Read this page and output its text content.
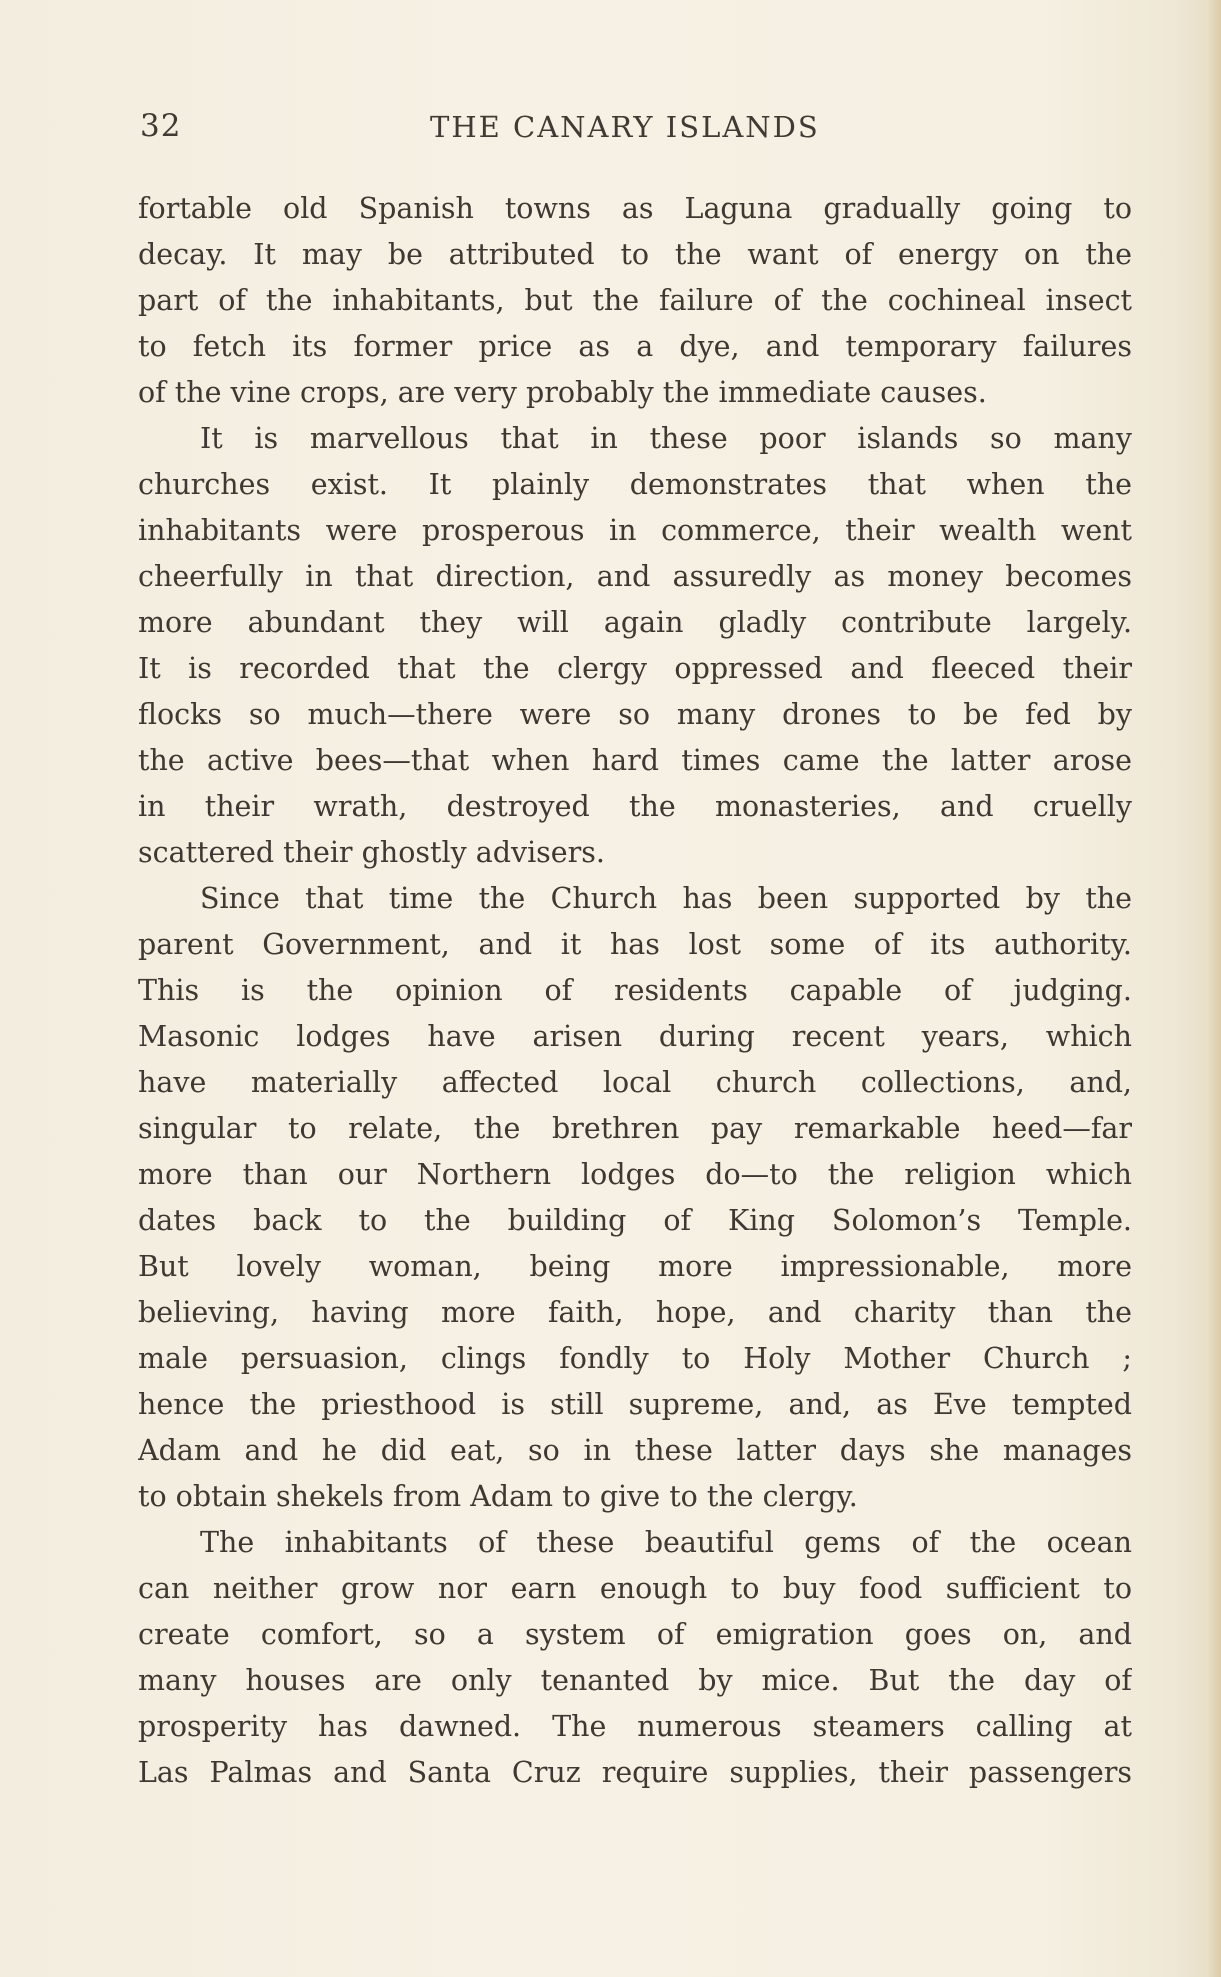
32	THE CANARY ISLANDS
fortable old Spanish towns as Laguna gradually going to
decay. It may be attributed to the want of energy on the
part of the inhabitants, but the failure of the cochineal insect
to fetch its former price as a dye, and temporary failures
of the vine crops, are very probably the immediate causes.
It is marvellous that in these poor islands so many
churches exist. It plainly demonstrates that when the
inhabitants were prosperous in commerce, their wealth went
cheerfully in that direction, and assuredly as money becomes
more abundant they will again gladly contribute largely.
It is recorded that the clergy oppressed and fleeced their
flocks so much—there were so many drones to be fed by
the active bees—that when hard times came the latter arose
in their wrath, destroyed the monasteries, and cruelly
scattered their ghostly advisers.
Since that time the Church has been supported by the
parent Government, and it has lost some of its authority.
This is the opinion of residents capable of judging.
Masonic lodges have arisen during recent years, which
have materially affected local church collections, and,
singular to relate, the brethren pay remarkable heed—far
more than our Northern lodges do—to the religion which
dates back to the building of King Solomon’s Temple.
But lovely woman, being more impressionable, more
believing, having more faith, hope, and charity than the
male persuasion, clings fondly to Holy Mother Church ;
hence the priesthood is still supreme, and, as Eve tempted
Adam and he did eat, so in these latter days she manages
to obtain shekels from Adam to give to the clergy.
The inhabitants of these beautiful gems of the ocean
can neither grow nor earn enough to buy food sufficient to
create comfort, so a system of emigration goes on, and
many houses are only tenanted by mice. But the day of
prosperity has dawned. The numerous steamers calling at
Las Palmas and Santa Cruz require supplies, their passengers
